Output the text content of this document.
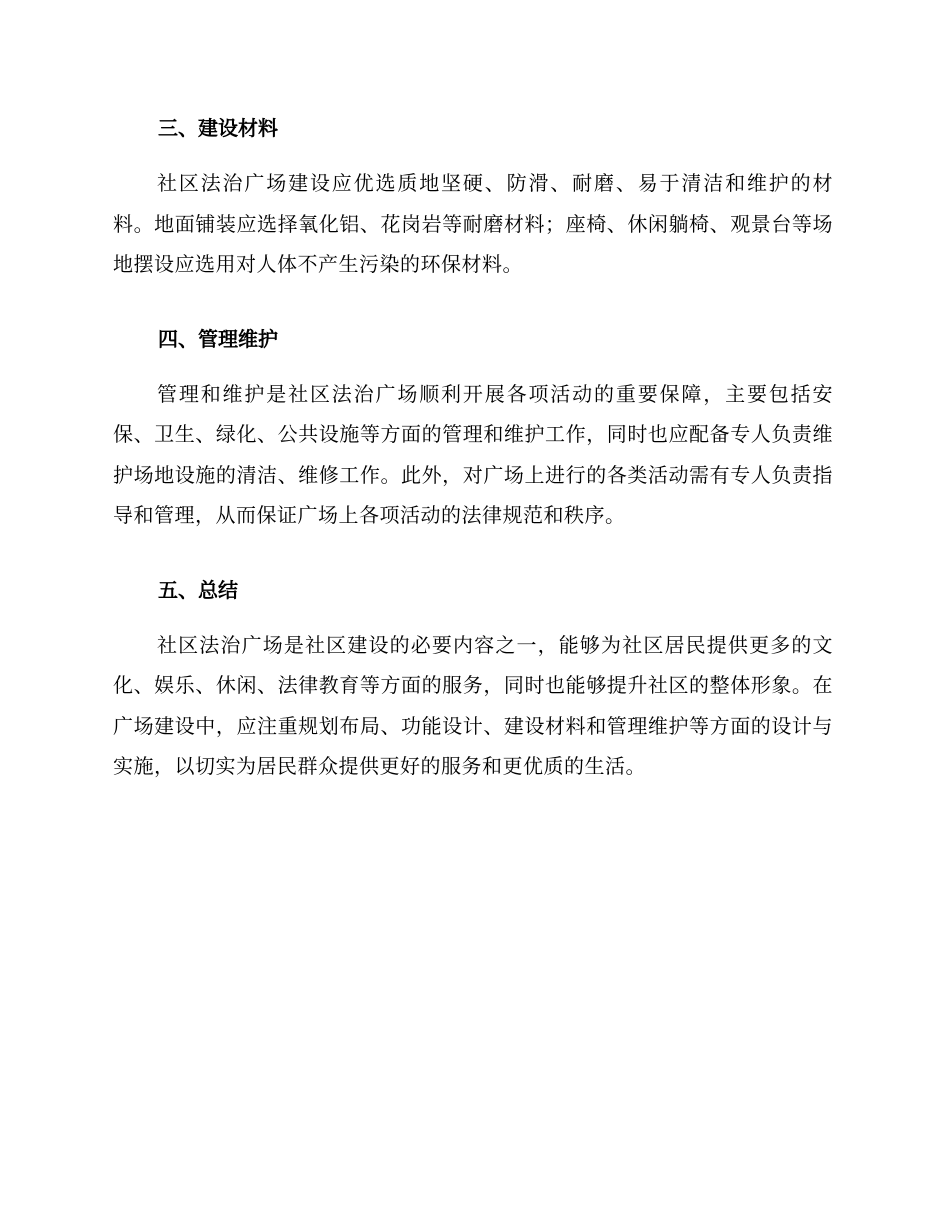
三、建设材料

社区法治广场建设应优选质地坚硬、防滑、耐磨、易于清洁和维护的材料。地面铺装应选择氧化铝、花岗岩等耐磨材料；座椅、休闲躺椅、观景台等场地摆设应选用对人体不产生污染的环保材料。

四、管理维护

管理和维护是社区法治广场顺利开展各项活动的重要保障，主要包括安保、卫生、绿化、公共设施等方面的管理和维护工作，同时也应配备专人负责维护场地设施的清洁、维修工作。此外，对广场上进行的各类活动需有专人负责指导和管理，从而保证广场上各项活动的法律规范和秩序。

五、总结

社区法治广场是社区建设的必要内容之一，能够为社区居民提供更多的文化、娱乐、休闲、法律教育等方面的服务，同时也能够提升社区的整体形象。在广场建设中，应注重规划布局、功能设计、建设材料和管理维护等方面的设计与实施，以切实为居民群众提供更好的服务和更优质的生活。
